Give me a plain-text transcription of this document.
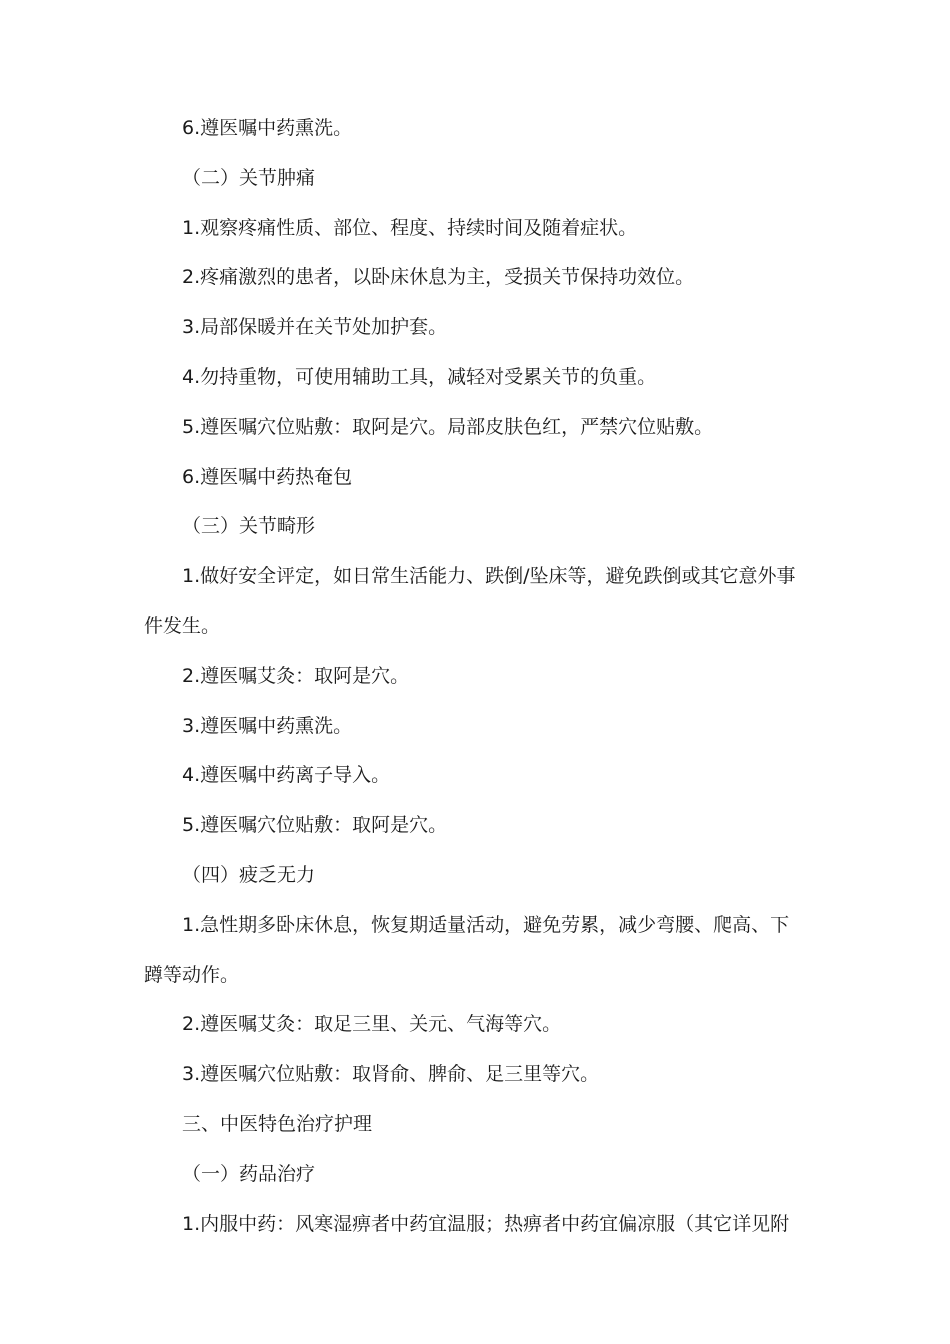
6.遵医嘱中药熏洗。

（二）关节肿痛

1.观察疼痛性质、部位、程度、持续时间及随着症状。

2.疼痛激烈的患者，以卧床休息为主，受损关节保持功效位。

3.局部保暖并在关节处加护套。

4.勿持重物，可使用辅助工具，减轻对受累关节的负重。

5.遵医嘱穴位贴敷：取阿是穴。局部皮肤色红，严禁穴位贴敷。

6.遵医嘱中药热奄包

（三）关节畸形

1.做好安全评定，如日常生活能力、跌倒/坠床等，避免跌倒或其它意外事
件发生。

2.遵医嘱艾灸：取阿是穴。

3.遵医嘱中药熏洗。

4.遵医嘱中药离子导入。

5.遵医嘱穴位贴敷：取阿是穴。

（四）疲乏无力

1.急性期多卧床休息，恢复期适量活动，避免劳累，减少弯腰、爬高、下
蹲等动作。

2.遵医嘱艾灸：取足三里、关元、气海等穴。

3.遵医嘱穴位贴敷：取肾俞、脾俞、足三里等穴。

三、中医特色治疗护理

（一）药品治疗

1.内服中药：风寒湿痹者中药宜温服；热痹者中药宜偏凉服（其它详见附
